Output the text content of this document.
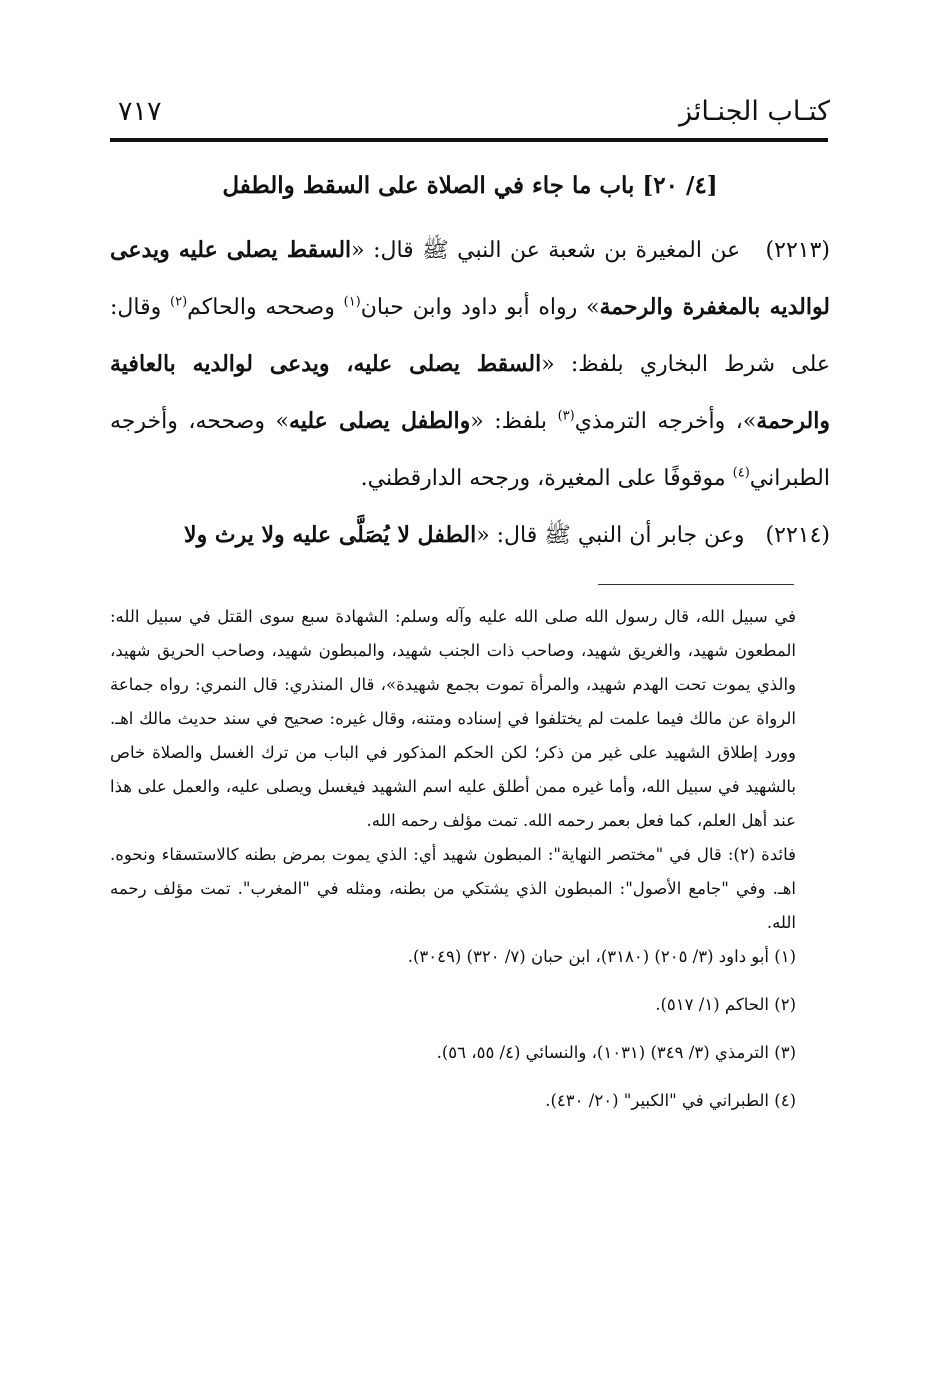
كتـاب الجنـائز
٧١٧
[٤/ ٢٠] باب ما جاء في الصلاة على السقط والطفل

(٢٢١٣)   عن المغيرة بن شعبة عن النبي ﷺ قال: «السقط يصلى عليه ويدعى لوالديه بالمغفرة والرحمة» رواه أبو داود وابن حبان$^{(١)}$ وصححه والحاكم$^{(٢)}$ وقال: على شرط البخاري بلفظ: «السقط يصلى عليه، ويدعى لوالديه بالعافية والرحمة»، وأخرجه الترمذي$^{(٣)}$ بلفظ: «والطفل يصلى عليه» وصححه، وأخرجه الطبراني$^{(٤)}$ موقوفًا على المغيرة، ورجحه الدارقطني.

(٢٢١٤)   وعن جابر أن النبي ﷺ قال: «الطفل لا يُصَلَّى عليه ولا يرث ولا

في سبيل الله، قال رسول الله صلى الله عليه وآله وسلم: الشهادة سبع سوى القتل في سبيل الله: المطعون شهيد، والغريق شهيد، وصاحب ذات الجنب شهيد، والمبطون شهيد، وصاحب الحريق شهيد، والذي يموت تحت الهدم شهيد، والمرأة تموت بجمع شهيدة»، قال المنذري: قال النمري: رواه جماعة الرواة عن مالك فيما علمت لم يختلفوا في إسناده ومتنه، وقال غيره: صحيح في سند حديث مالك اهـ. وورد إطلاق الشهيد على غير من ذكر؛ لكن الحكم المذكور في الباب من ترك الغسل والصلاة خاص بالشهيد في سبيل الله، وأما غيره ممن أطلق عليه اسم الشهيد فيغسل ويصلى عليه، والعمل على هذا عند أهل العلم، كما فعل بعمر رحمه الله. تمت مؤلف رحمه الله.

فائدة (٢): قال في "مختصر النهاية": المبطون شهيد أي: الذي يموت بمرض بطنه كالاستسقاء ونحوه. اهـ. وفي "جامع الأصول": المبطون الذي يشتكي من بطنه، ومثله في "المغرب". تمت مؤلف رحمه الله.

(١) أبو داود (٣/ ٢٠٥) (٣١٨٠)، ابن حبان (٧/ ٣٢٠) (٣٠٤٩).

(٢) الحاكم (١/ ٥١٧).

(٣) الترمذي (٣/ ٣٤٩) (١٠٣١)، والنسائي (٤/ ٥٥، ٥٦).

(٤) الطبراني في "الكبير" (٢٠/ ٤٣٠).
